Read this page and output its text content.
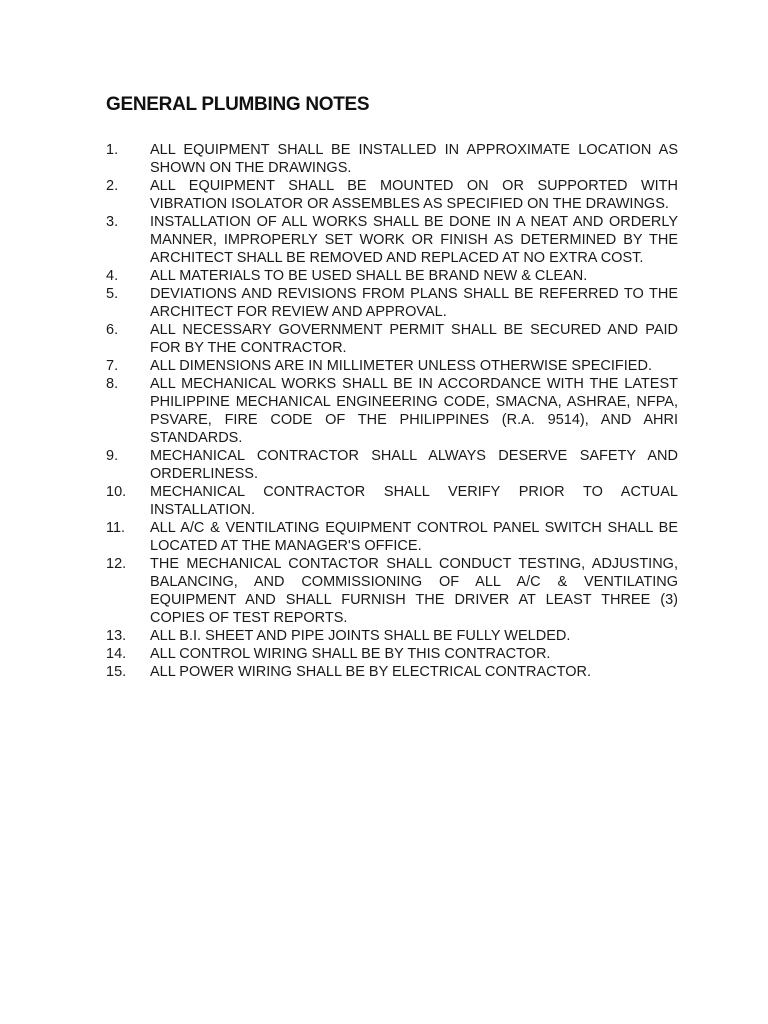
GENERAL PLUMBING NOTES
1.	ALL EQUIPMENT SHALL BE INSTALLED IN APPROXIMATE LOCATION AS SHOWN ON THE DRAWINGS.
2.	ALL EQUIPMENT SHALL BE MOUNTED ON OR SUPPORTED WITH VIBRATION ISOLATOR OR ASSEMBLES AS SPECIFIED ON THE DRAWINGS.
3.	INSTALLATION OF ALL WORKS SHALL BE DONE IN A NEAT AND ORDERLY MANNER, IMPROPERLY SET WORK OR FINISH AS DETERMINED BY THE ARCHITECT SHALL BE REMOVED AND REPLACED AT NO EXTRA COST.
4.	ALL MATERIALS TO BE USED SHALL BE BRAND NEW & CLEAN.
5.	DEVIATIONS AND REVISIONS FROM PLANS SHALL BE REFERRED TO THE ARCHITECT FOR REVIEW AND APPROVAL.
6.	ALL NECESSARY GOVERNMENT PERMIT SHALL BE SECURED AND PAID FOR BY THE CONTRACTOR.
7.	ALL DIMENSIONS ARE IN MILLIMETER UNLESS OTHERWISE SPECIFIED.
8.	ALL MECHANICAL WORKS SHALL BE IN ACCORDANCE WITH THE LATEST PHILIPPINE MECHANICAL ENGINEERING CODE, SMACNA, ASHRAE, NFPA, PSVARE, FIRE CODE OF THE PHILIPPINES (R.A. 9514), AND AHRI STANDARDS.
9.	MECHANICAL CONTRACTOR SHALL ALWAYS DESERVE SAFETY AND ORDERLINESS.
10.	MECHANICAL CONTRACTOR SHALL VERIFY PRIOR TO ACTUAL INSTALLATION.
11.	ALL A/C & VENTILATING EQUIPMENT CONTROL PANEL SWITCH SHALL BE LOCATED AT THE MANAGER'S OFFICE.
12.	THE MECHANICAL CONTACTOR SHALL CONDUCT TESTING, ADJUSTING, BALANCING, AND COMMISSIONING OF ALL A/C & VENTILATING EQUIPMENT AND SHALL FURNISH THE DRIVER AT LEAST THREE (3) COPIES OF TEST REPORTS.
13.	ALL B.I. SHEET AND PIPE JOINTS SHALL BE FULLY WELDED.
14.	ALL CONTROL WIRING SHALL BE BY THIS CONTRACTOR.
15.	ALL POWER WIRING SHALL BE BY ELECTRICAL CONTRACTOR.
